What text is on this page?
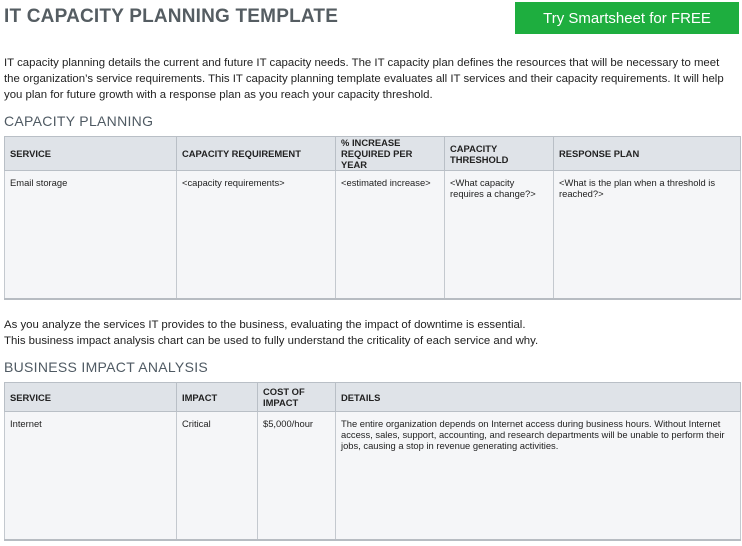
IT CAPACITY PLANNING TEMPLATE	Try Smartsheet for FREE
IT capacity planning details the current and future IT capacity needs. The IT capacity plan defines the resources that will be necessary to meet the organization’s service requirements. This IT capacity planning template evaluates all IT services and their capacity requirements. It will help you plan for future growth with a response plan as you reach your capacity threshold.
CAPACITY PLANNING
SERVICE	CAPACITY REQUIREMENT	% INCREASE REQUIRED PER YEAR	CAPACITY THRESHOLD	RESPONSE PLAN
Email storage	<capacity requirements>	<estimated increase>	<What capacity requires a change?>	<What is the plan when a threshold is reached?>
As you analyze the services IT provides to the business, evaluating the impact of downtime is essential.
This business impact analysis chart can be used to fully understand the criticality of each service and why.
BUSINESS IMPACT ANALYSIS
SERVICE	IMPACT	COST OF IMPACT	DETAILS
Internet	Critical	$5,000/hour	The entire organization depends on Internet access during business hours. Without Internet access, sales, support, accounting, and research departments will be unable to perform their jobs, causing a stop in revenue generating activities.
